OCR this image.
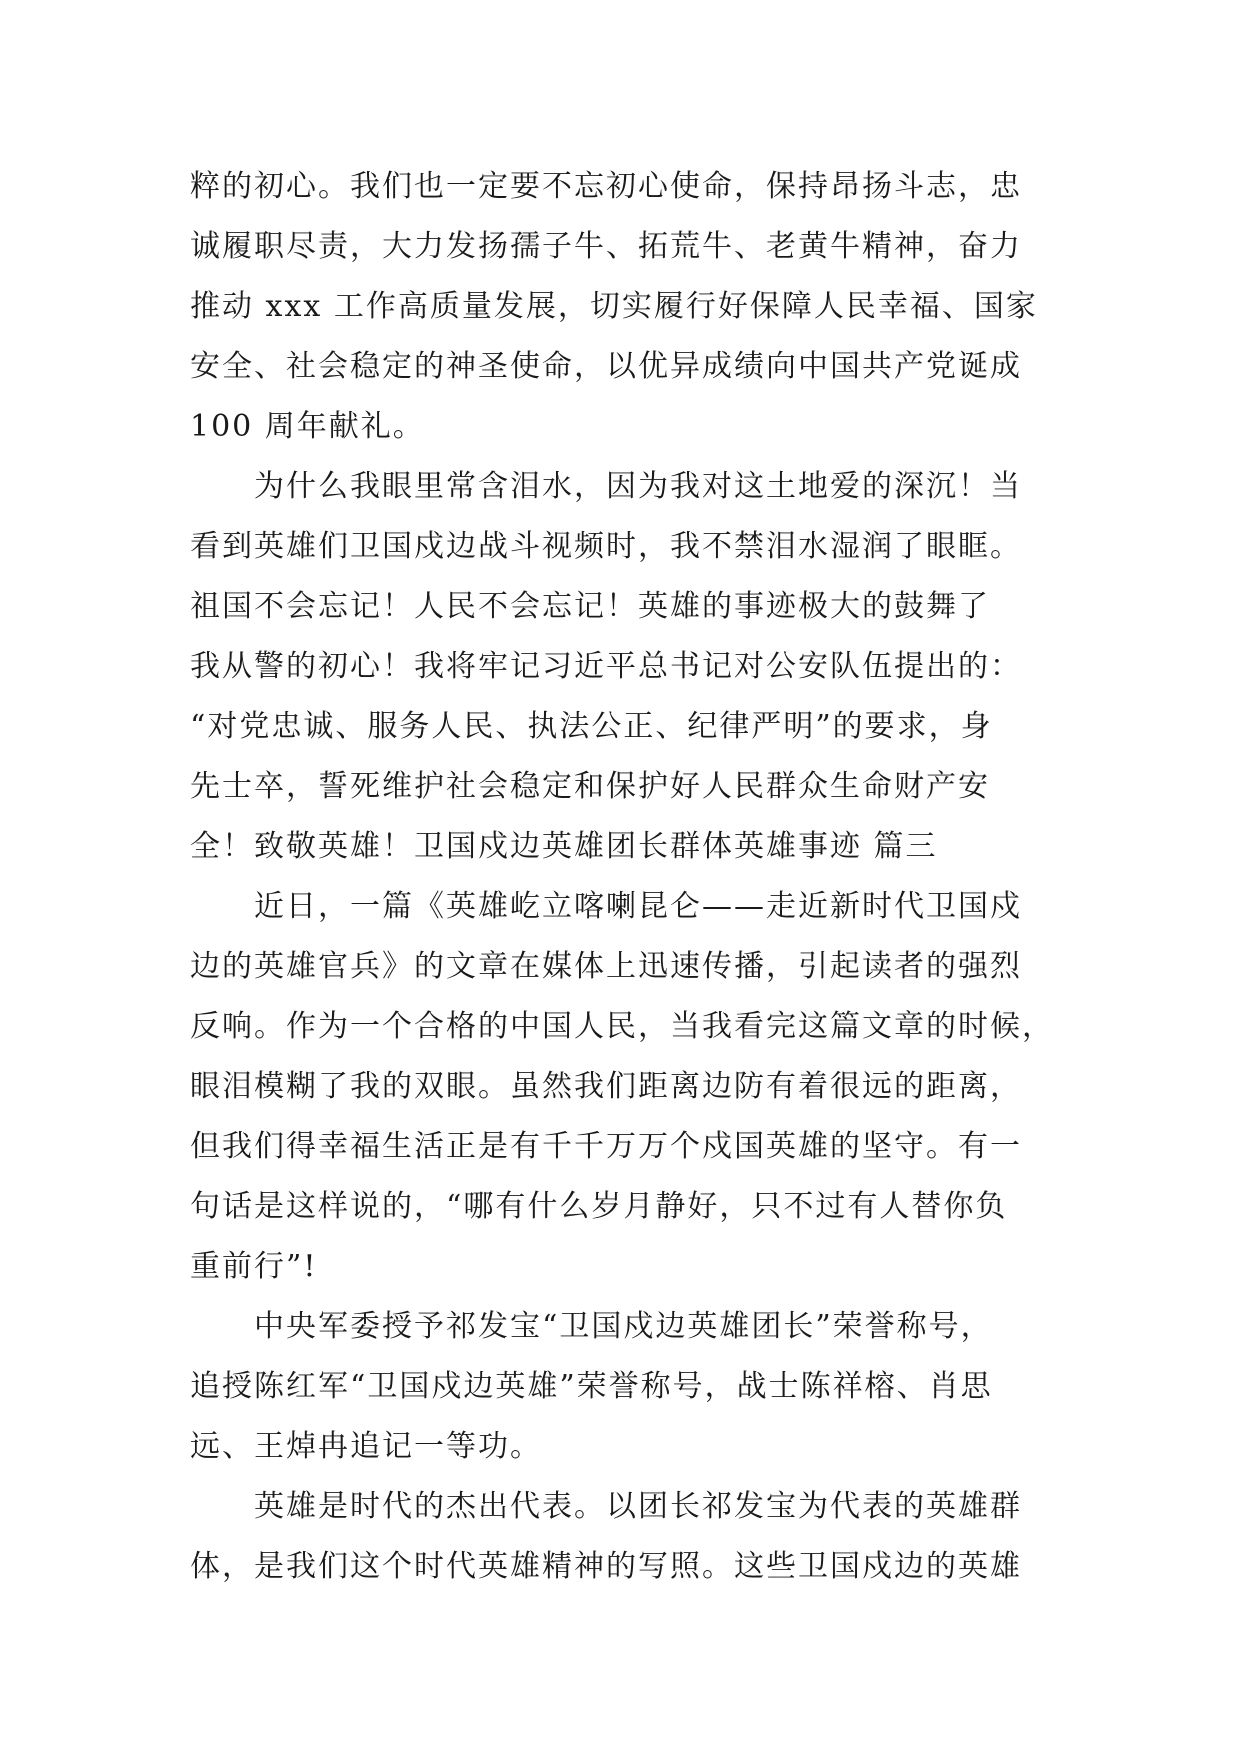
粹的初心。我们也一定要不忘初心使命，保持昂扬斗志，忠
诚履职尽责，大力发扬孺子牛、拓荒牛、老黄牛精神，奋力
推动 xxx 工作高质量发展，切实履行好保障人民幸福、国家
安全、社会稳定的神圣使命，以优异成绩向中国共产党诞成
100 周年献礼。
为什么我眼里常含泪水，因为我对这土地爱的深沉！当
看到英雄们卫国戍边战斗视频时，我不禁泪水湿润了眼眶。
祖国不会忘记！人民不会忘记！英雄的事迹极大的鼓舞了
我从警的初心！我将牢记习近平总书记对公安队伍提出的：
“对党忠诚、服务人民、执法公正、纪律严明”的要求，身
先士卒，誓死维护社会稳定和保护好人民群众生命财产安
全！致敬英雄！卫国戍边英雄团长群体英雄事迹 篇三
近日，一篇《英雄屹立喀喇昆仑——走近新时代卫国戍
边的英雄官兵》的文章在媒体上迅速传播，引起读者的强烈
反响。作为一个合格的中国人民，当我看完这篇文章的时候，
眼泪模糊了我的双眼。虽然我们距离边防有着很远的距离，
但我们得幸福生活正是有千千万万个戍国英雄的坚守。有一
句话是这样说的，“哪有什么岁月静好，只不过有人替你负
重前行”!
中央军委授予祁发宝“卫国戍边英雄团长”荣誉称号，
追授陈红军“卫国戍边英雄”荣誉称号，战士陈祥榕、肖思
远、王焯冉追记一等功。
英雄是时代的杰出代表。以团长祁发宝为代表的英雄群
体，是我们这个时代英雄精神的写照。这些卫国戍边的英雄
